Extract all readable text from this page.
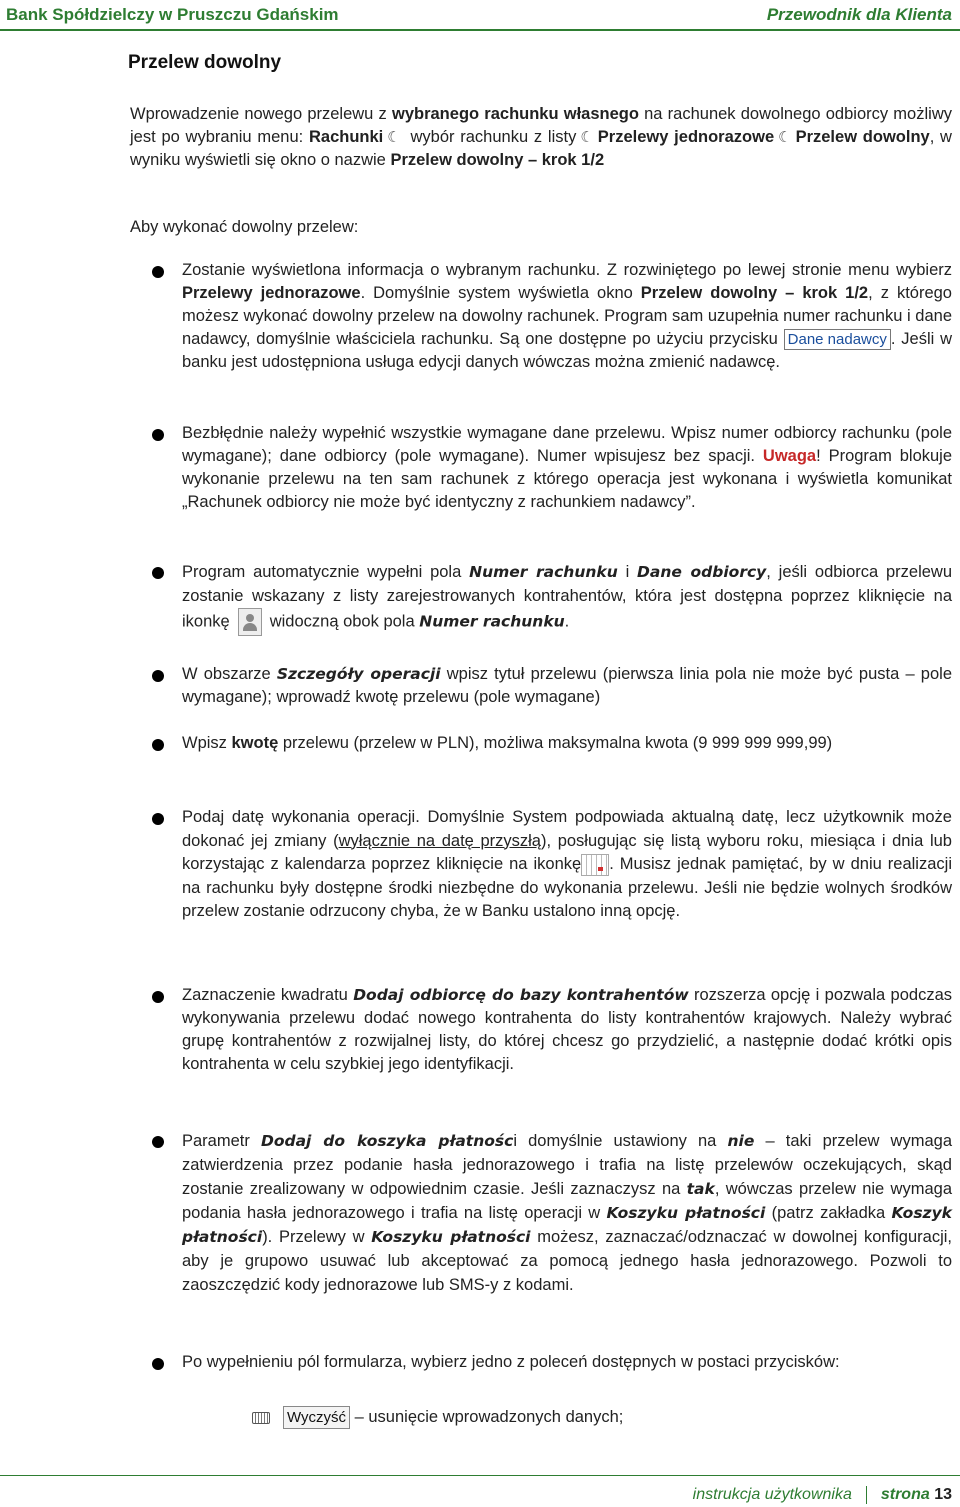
Bank Spółdzielczy w Pruszczu Gdańskim	Przewodnik dla Klienta
Przelew dowolny
Wprowadzenie nowego przelewu z wybranego rachunku własnego na rachunek dowolnego odbiorcy możliwy jest po wybraniu menu: Rachunki ☾ wybór rachunku z listy ☾ Przelewy jednorazowe ☾ Przelew dowolny, w wyniku wyświetli się okno o nazwie Przelew dowolny – krok 1/2
Aby wykonać dowolny przelew:
Zostanie wyświetlona informacja o wybranym rachunku. Z rozwiniętego po lewej stronie menu wybierz Przelewy jednorazowe. Domyślnie system wyświetla okno Przelew dowolny – krok 1/2, z którego możesz wykonać dowolny przelew na dowolny rachunek. Program sam uzupełnia numer rachunku i dane nadawcy, domyślnie właściciela rachunku. Są one dostępne po użyciu przycisku Dane nadawcy . Jeśli w banku jest udostępniona usługa edycji danych wówczas można zmienić nadawcę.
Bezbłędnie należy wypełnić wszystkie wymagane dane przelewu. Wpisz numer odbiorcy rachunku (pole wymagane); dane odbiorcy (pole wymagane). Numer wpisujesz bez spacji. Uwaga! Program blokuje wykonanie przelewu na ten sam rachunek z którego operacja jest wykonana i wyświetla komunikat „Rachunek odbiorcy nie może być identyczny z rachunkiem nadawcy”.
Program automatycznie wypełni pola Numer rachunku i Dane odbiorcy, jeśli odbiorca przelewu zostanie wskazany z listy zarejestrowanych kontrahentów, która jest dostępna poprzez kliknięcie na ikonkę widoczną obok pola Numer rachunku.
W obszarze Szczegóły operacji wpisz tytuł przelewu (pierwsza linia pola nie może być pusta – pole wymagane); wprowadź kwotę przelewu (pole wymagane)
Wpisz kwotę przelewu (przelew w PLN), możliwa maksymalna kwota (9 999 999 999,99)
Podaj datę wykonania operacji. Domyślnie System podpowiada aktualną datę, lecz użytkownik może dokonać jej zmiany (wyłącznie na datę przyszłą), posługując się listą wyboru roku, miesiąca i dnia lub korzystając z kalendarza poprzez kliknięcie na ikonkę . Musisz jednak pamiętać, by w dniu realizacji na rachunku były dostępne środki niezbędne do wykonania przelewu. Jeśli nie będzie wolnych środków przelew zostanie odrzucony chyba, że w Banku ustalono inną opcję.
Zaznaczenie kwadratu Dodaj odbiorcę do bazy kontrahentów rozszerza opcję i pozwala podczas wykonywania przelewu dodać nowego kontrahenta do listy kontrahentów krajowych. Należy wybrać grupę kontrahentów z rozwijalnej listy, do której chcesz go przydzielić, a następnie dodać krótki opis kontrahenta w celu szybkiej jego identyfikacji.
Parametr Dodaj do koszyka płatności domyślnie ustawiony na nie – taki przelew wymaga zatwierdzenia przez podanie hasła jednorazowego i trafia na listę przelewów oczekujących, skąd zostanie zrealizowany w odpowiednim czasie. Jeśli zaznaczysz na tak, wówczas przelew nie wymaga podania hasła jednorazowego i trafia na listę operacji w Koszyku płatności (patrz zakładka Koszyk płatności). Przelewy w Koszyku płatności możesz, zaznaczać/odznaczać w dowolnej konfiguracji, aby je grupowo usuwać lub akceptować za pomocą jednego hasła jednorazowego. Pozwoli to zaoszczędzić kody jednorazowe lub SMS-y z kodami.
Po wypełnieniu pól formularza, wybierz jedno z poleceń dostępnych w postaci przycisków:
Wyczyść – usunięcie wprowadzonych danych;
instrukcja użytkownika strona 13
